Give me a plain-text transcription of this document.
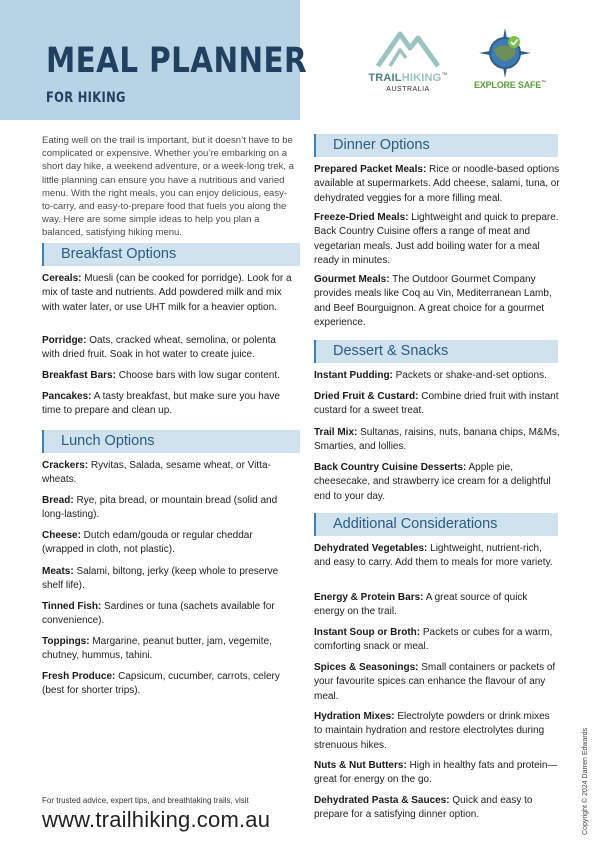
MEAL PLANNER
FOR HIKING
TRAILHIKING™
AUSTRALIA	EXPLORE SAFE™

Eating well on the trail is important, but it doesn’t have to be complicated or expensive. Whether you’re embarking on a short day hike, a weekend adventure, or a week-long trek, a little planning can ensure you have a nutritious and varied menu. With the right meals, you can enjoy delicious, easy-to-carry, and easy-to-prepare food that fuels you along the way. Here are some simple ideas to help you plan a balanced, satisfying hiking menu.

Breakfast Options

Cereals: Muesli (can be cooked for porridge). Look for a mix of taste and nutrients. Add powdered milk and mix with water later, or use UHT milk for a heavier option.

Porridge: Oats, cracked wheat, semolina, or polenta with dried fruit. Soak in hot water to create juice.

Breakfast Bars: Choose bars with low sugar content.

Pancakes: A tasty breakfast, but make sure you have time to prepare and clean up.

Lunch Options

Crackers: Ryvitas, Salada, sesame wheat, or Vitta-wheats.

Bread: Rye, pita bread, or mountain bread (solid and long-lasting).

Cheese: Dutch edam/gouda or regular cheddar (wrapped in cloth, not plastic).

Meats: Salami, biltong, jerky (keep whole to preserve shelf life).

Tinned Fish: Sardines or tuna (sachets available for convenience).

Toppings: Margarine, peanut butter, jam, vegemite, chutney, hummus, tahini.

Fresh Produce: Capsicum, cucumber, carrots, celery (best for shorter trips).

Dinner Options

Prepared Packet Meals: Rice or noodle-based options available at supermarkets. Add cheese, salami, tuna, or dehydrated veggies for a more filling meal.

Freeze-Dried Meals: Lightweight and quick to prepare. Back Country Cuisine offers a range of meat and vegetarian meals. Just add boiling water for a meal ready in minutes.

Gourmet Meals: The Outdoor Gourmet Company provides meals like Coq au Vin, Mediterranean Lamb, and Beef Bourguignon. A great choice for a gourmet experience.

Dessert & Snacks

Instant Pudding: Packets or shake-and-set options.

Dried Fruit & Custard: Combine dried fruit with instant custard for a sweet treat.

Trail Mix: Sultanas, raisins, nuts, banana chips, M&Ms, Smarties, and lollies.

Back Country Cuisine Desserts: Apple pie, cheesecake, and strawberry ice cream for a delightful end to your day.

Additional Considerations

Dehydrated Vegetables: Lightweight, nutrient-rich, and easy to carry. Add them to meals for more variety.

Energy & Protein Bars: A great source of quick energy on the trail.

Instant Soup or Broth: Packets or cubes for a warm, comforting snack or meal.

Spices & Seasonings: Small containers or packets of your favourite spices can enhance the flavour of any meal.

Hydration Mixes: Electrolyte powders or drink mixes to maintain hydration and restore electrolytes during strenuous hikes.

Nuts & Nut Butters: High in healthy fats and protein—great for energy on the go.

Dehydrated Pasta & Sauces: Quick and easy to prepare for a satisfying dinner option.

For trusted advice, expert tips, and breathtaking trails, visit
www.trailhiking.com.au	Copyright © 2024 Darren Edwards
